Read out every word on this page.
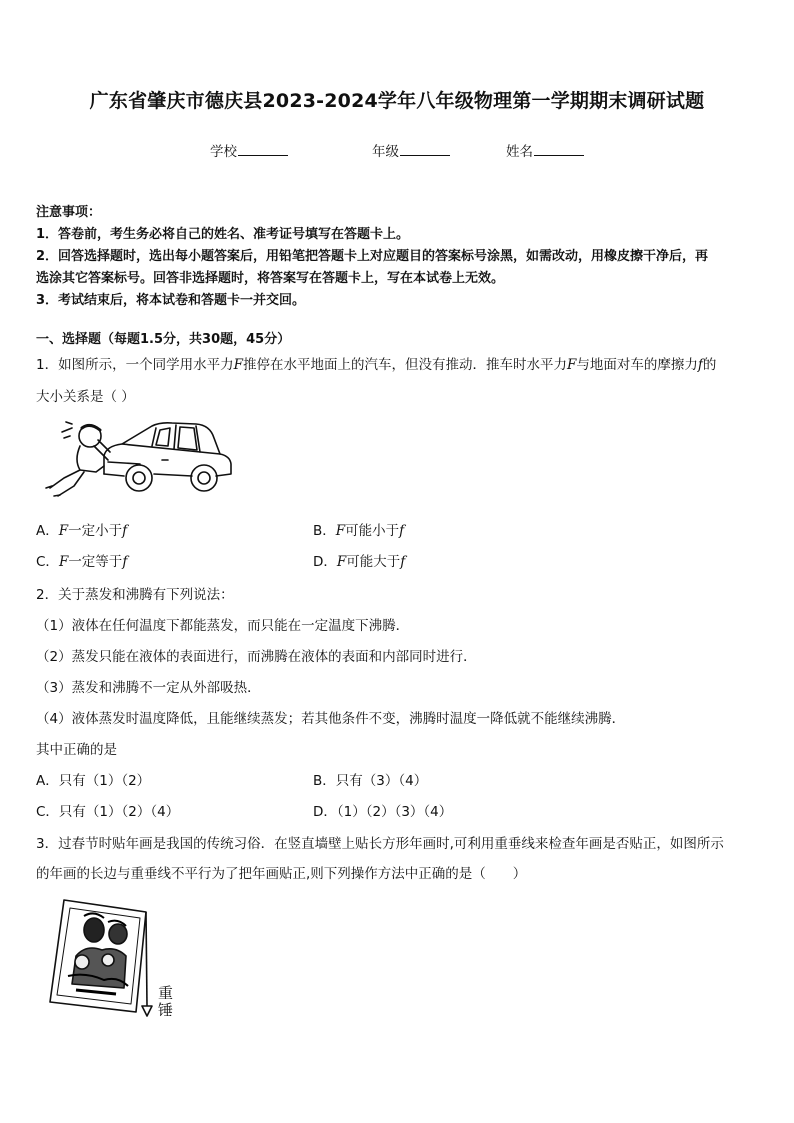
广东省肇庆市德庆县2023-2024学年八年级物理第一学期期末调研试题
学校	年级	姓名
注意事项：
1．答卷前，考生务必将自己的姓名、准考证号填写在答题卡上。
2．回答选择题时，选出每小题答案后，用铅笔把答题卡上对应题目的答案标号涂黑，如需改动，用橡皮擦干净后，再
选涂其它答案标号。回答非选择题时，将答案写在答题卡上，写在本试卷上无效。
3．考试结束后，将本试卷和答题卡一并交回。
一、选择题（每题1.5分，共30题，45分）
1．如图所示，一个同学用水平力F推停在水平地面上的汽车，但没有推动．推车时水平力F与地面对车的摩擦力f的
大小关系是（ ）
A．F一定小于f	B．F可能小于f
C．F一定等于f	D．F可能大于f
2．关于蒸发和沸腾有下列说法：
（1）液体在任何温度下都能蒸发，而只能在一定温度下沸腾．
（2）蒸发只能在液体的表面进行，而沸腾在液体的表面和内部同时进行．
（3）蒸发和沸腾不一定从外部吸热．
（4）液体蒸发时温度降低，且能继续蒸发；若其他条件不变，沸腾时温度一降低就不能继续沸腾．
其中正确的是
A．只有（1）（2）	B．只有（3）（4）
C．只有（1）（2）（4）	D．（1）（2）（3）（4）
3．过春节时贴年画是我国的传统习俗．在竖直墙壁上贴长方形年画时,可利用重垂线来检查年画是否贴正，如图所示
的年画的长边与重垂线不平行为了把年画贴正,则下列操作方法中正确的是（　　）
重
锤
